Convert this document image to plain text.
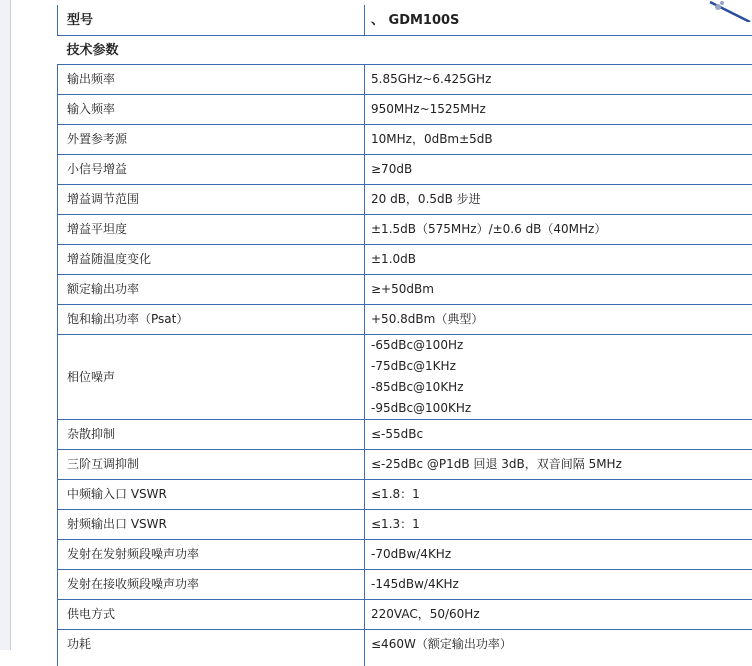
型号	、 GDM100S
技术参数	
输出频率	5.85GHz~6.425GHz
输入频率	950MHz~1525MHz
外置参考源	10MHz，0dBm±5dB
小信号增益	≥70dB
增益调节范围	20 dB，0.5dB 步进
增益平坦度	±1.5dB（575MHz）/±0.6 dB（40MHz）
增益随温度变化	±1.0dB
额定输出功率	≥+50dBm
饱和输出功率（Psat）	+50.8dBm（典型）
相位噪声	-65dBc@100Hz
-75dBc@1KHz
-85dBc@10KHz
-95dBc@100KHz

杂散抑制	≤-55dBc
三阶互调抑制	≤-25dBc @P1dB 回退 3dB，双音间隔 5MHz
中频输入口 VSWR	≤1.8：1
射频输出口 VSWR	≤1.3：1
发射在发射频段噪声功率	-70dBw/4KHz
发射在接收频段噪声功率	-145dBw/4KHz
供电方式	220VAC，50/60Hz
功耗	≤460W（额定输出功率）
